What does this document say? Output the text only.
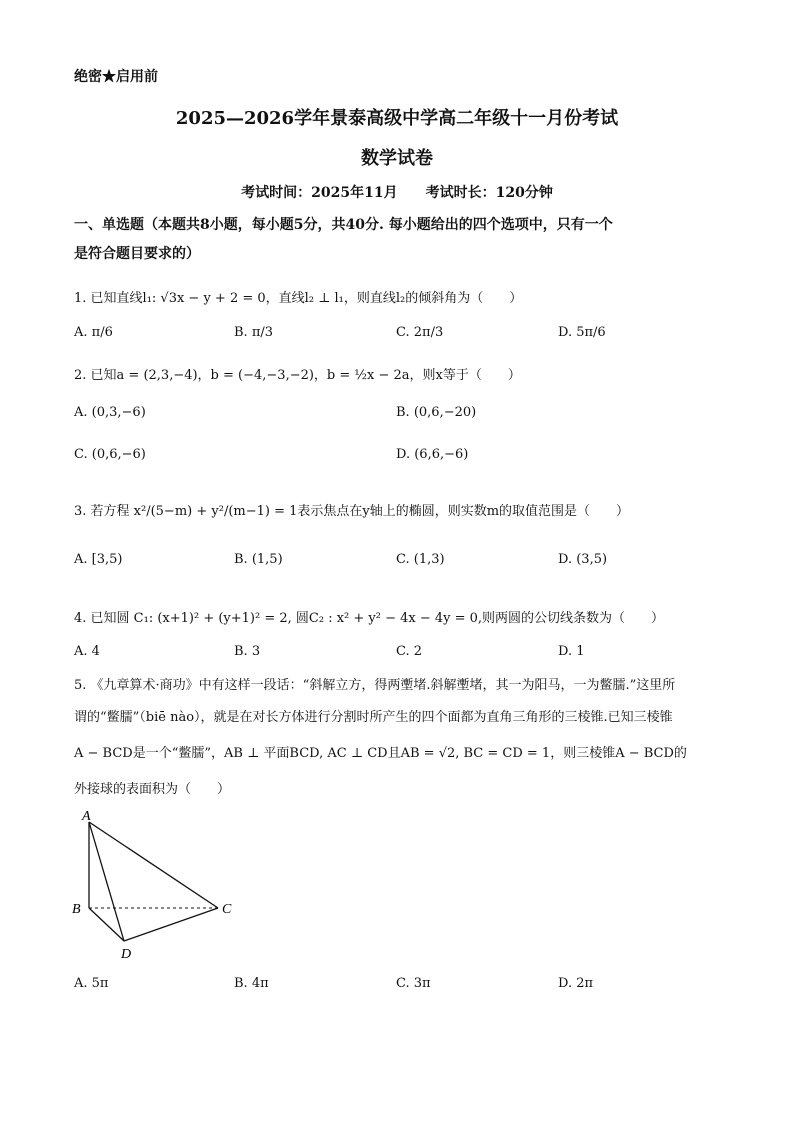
绝密★启用前
2025—2026学年景泰高级中学高二年级十一月份考试
数学试卷
考试时间：2025年11月　　考试时长：120分钟
一、单选题（本题共8小题，每小题5分，共40分. 每小题给出的四个选项中，只有一个
是符合题目要求的）
1. 已知直线l₁: √3x − y + 2 = 0，直线l₂ ⊥ l₁，则直线l₂的倾斜角为（　　）
A. π/6	B. π/3	C. 2π/3	D. 5π/6
2. 已知a = (2,3,−4)，b = (−4,−3,−2)，b = ½x − 2a，则x等于（　　）
A. (0,3,−6)	B. (0,6,−20)
C. (0,6,−6)	D. (6,6,−6)
3. 若方程 x²/(5−m) + y²/(m−1) = 1表示焦点在y轴上的椭圆，则实数m的取值范围是（　　）
A. [3,5)	B. (1,5)	C. (1,3)	D. (3,5)
4. 已知圆 C₁: (x+1)² + (y+1)² = 2, 圆C₂ : x² + y² − 4x − 4y = 0,则两圆的公切线条数为（　　）
A. 4	B. 3	C. 2	D. 1
5. 《九章算术·商功》中有这样一段话：“斜解立方，得两壍堵.斜解壍堵，其一为阳马，一为鳖臑.”这里所
谓的“鳖臑”（biē nào），就是在对长方体进行分割时所产生的四个面都为直角三角形的三棱锥.已知三棱锥
A − BCD是一个“鳖臑”，AB ⊥ 平面BCD, AC ⊥ CD且AB = √2, BC = CD = 1，则三棱锥A − BCD的
外接球的表面积为（　　）
A
B	C
D
A. 5π	B. 4π	C. 3π	D. 2π
